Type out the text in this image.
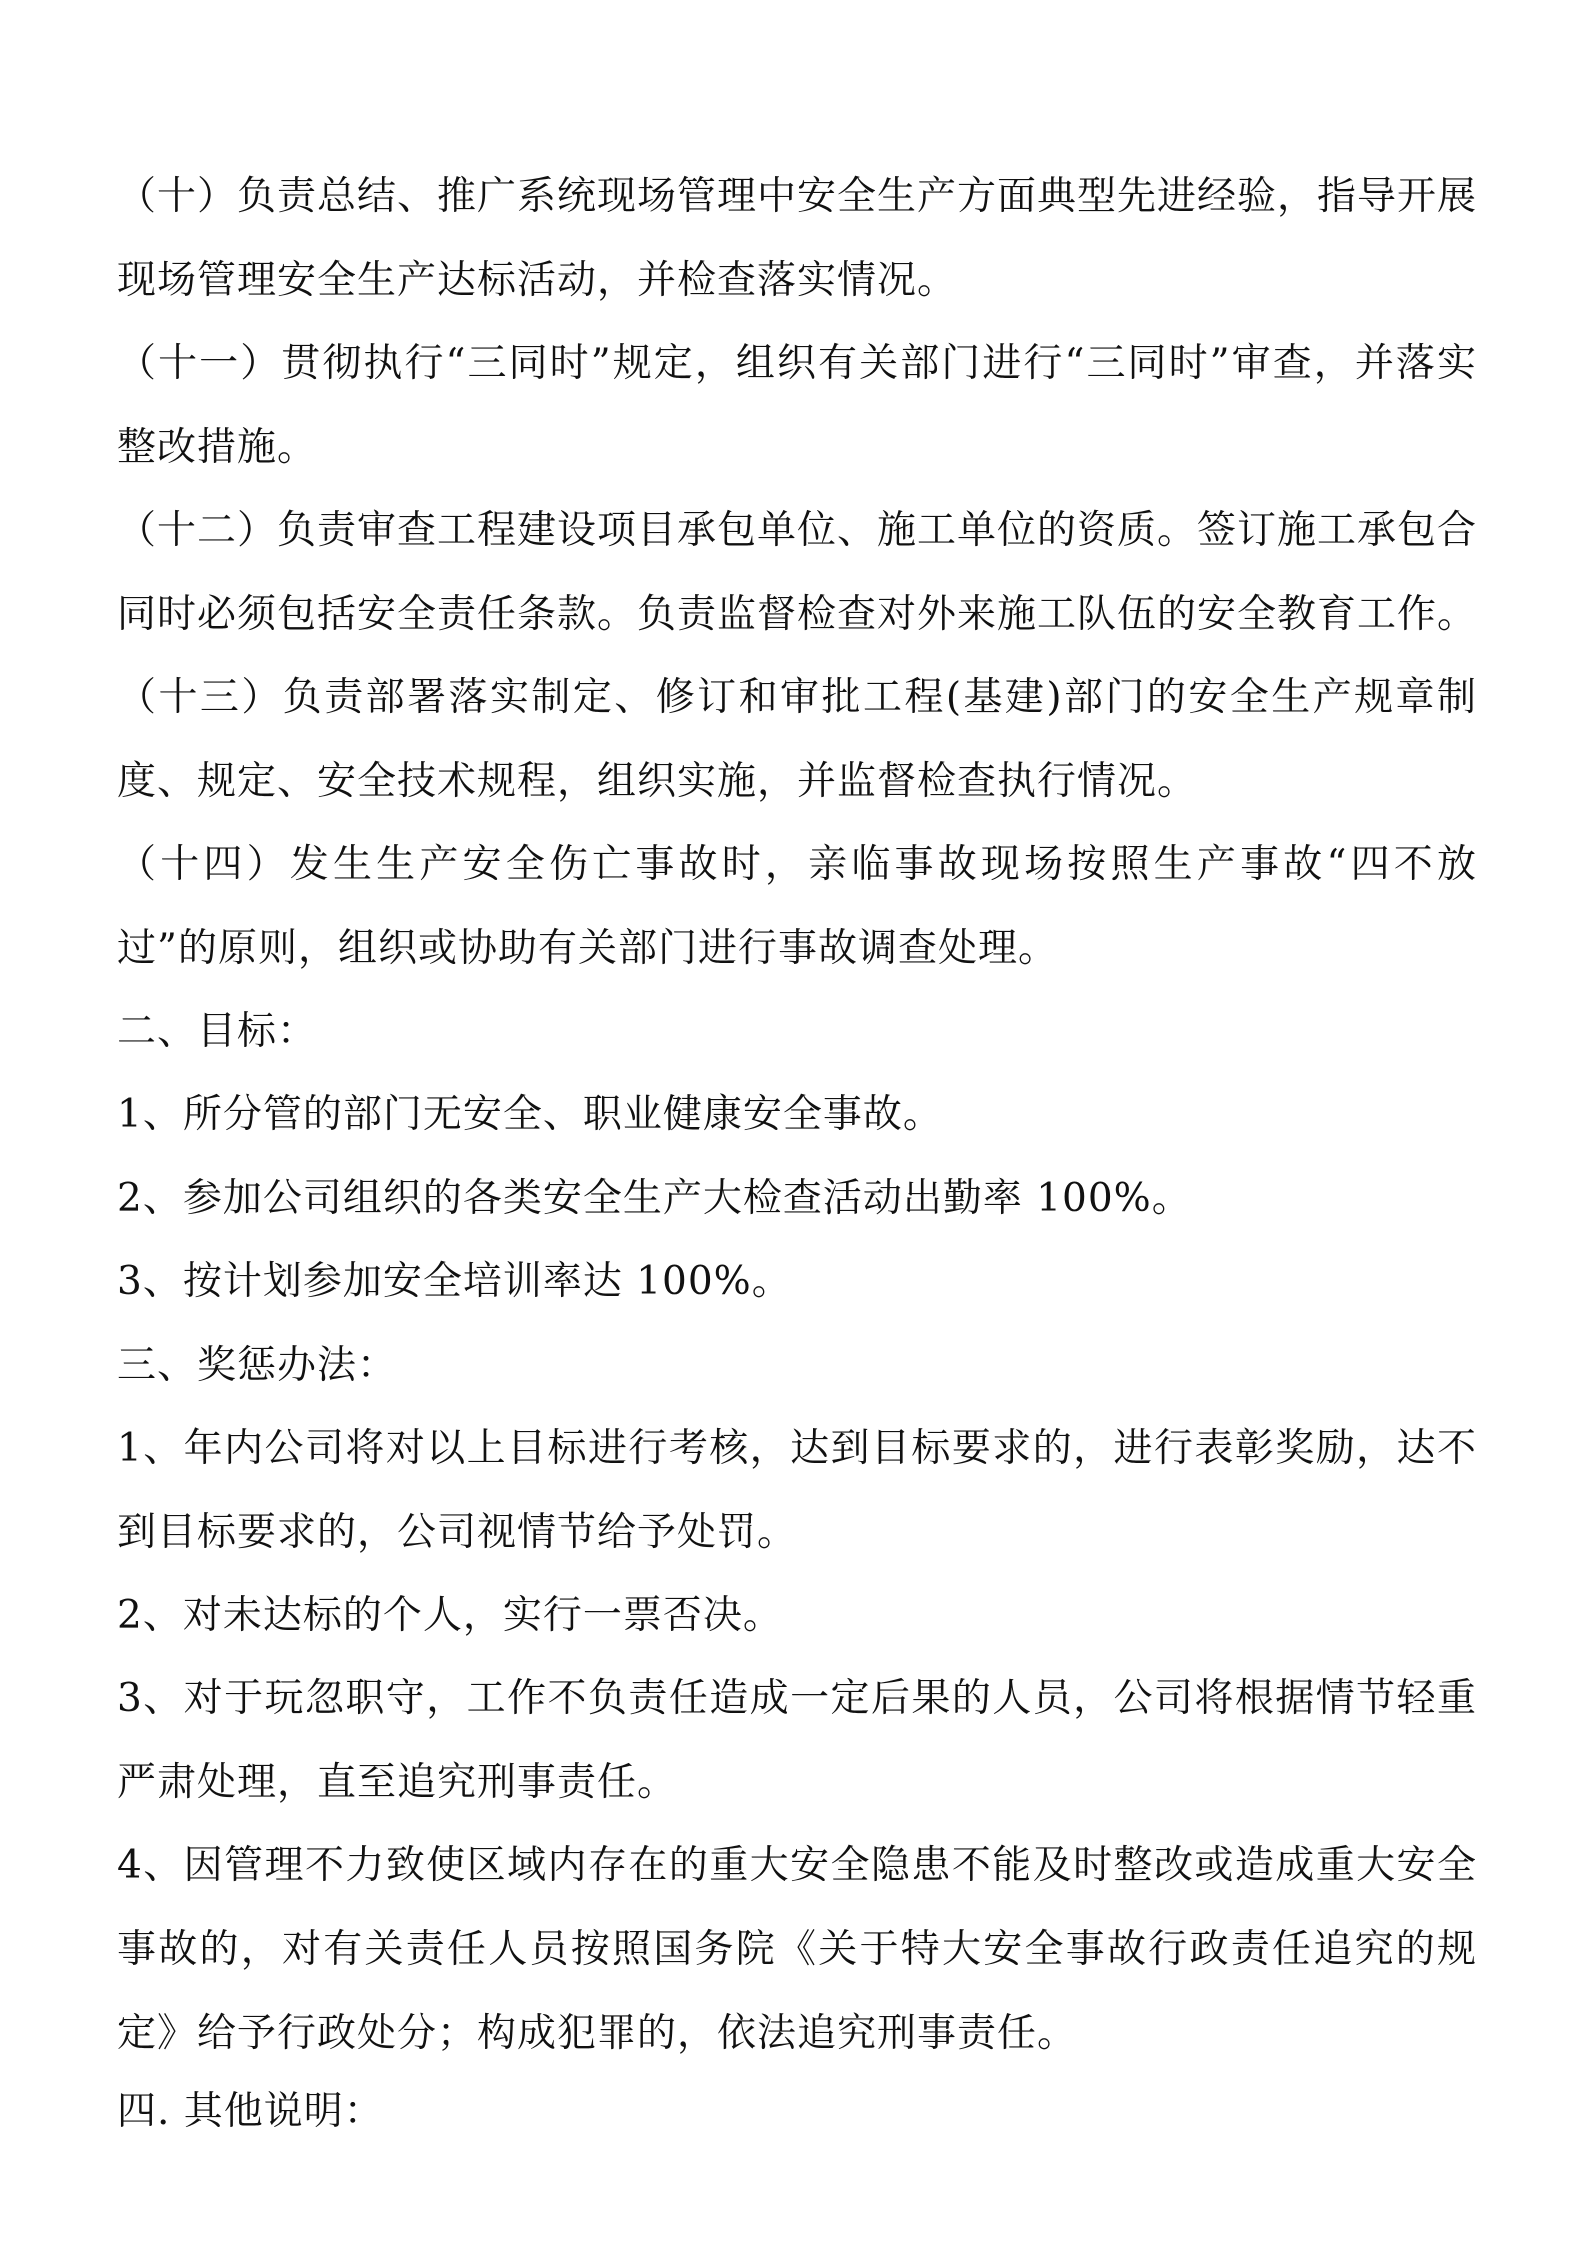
（十）负责总结、推广系统现场管理中安全生产方面典型先进经验，指导开展现场管理安全生产达标活动，并检查落实情况。

（十一）贯彻执行“三同时”规定，组织有关部门进行“三同时”审查，并落实整改措施。

（十二）负责审查工程建设项目承包单位、施工单位的资质。签订施工承包合同时必须包括安全责任条款。负责监督检查对外来施工队伍的安全教育工作。

（十三）负责部署落实制定、修订和审批工程(基建)部门的安全生产规章制度、规定、安全技术规程，组织实施，并监督检查执行情况。

（十四）发生生产安全伤亡事故时，亲临事故现场按照生产事故“四不放过”的原则，组织或协助有关部门进行事故调查处理。

二、目标：

1、所分管的部门无安全、职业健康安全事故。

2、参加公司组织的各类安全生产大检查活动出勤率 100%。

3、按计划参加安全培训率达 100%。

三、奖惩办法：

1、年内公司将对以上目标进行考核，达到目标要求的，进行表彰奖励，达不到目标要求的，公司视情节给予处罚。

2、对未达标的个人，实行一票否决。

3、对于玩忽职守，工作不负责任造成一定后果的人员，公司将根据情节轻重严肃处理，直至追究刑事责任。

4、因管理不力致使区域内存在的重大安全隐患不能及时整改或造成重大安全事故的，对有关责任人员按照国务院《关于特大安全事故行政责任追究的规定》给予行政处分；构成犯罪的，依法追究刑事责任。

四. 其他说明：
